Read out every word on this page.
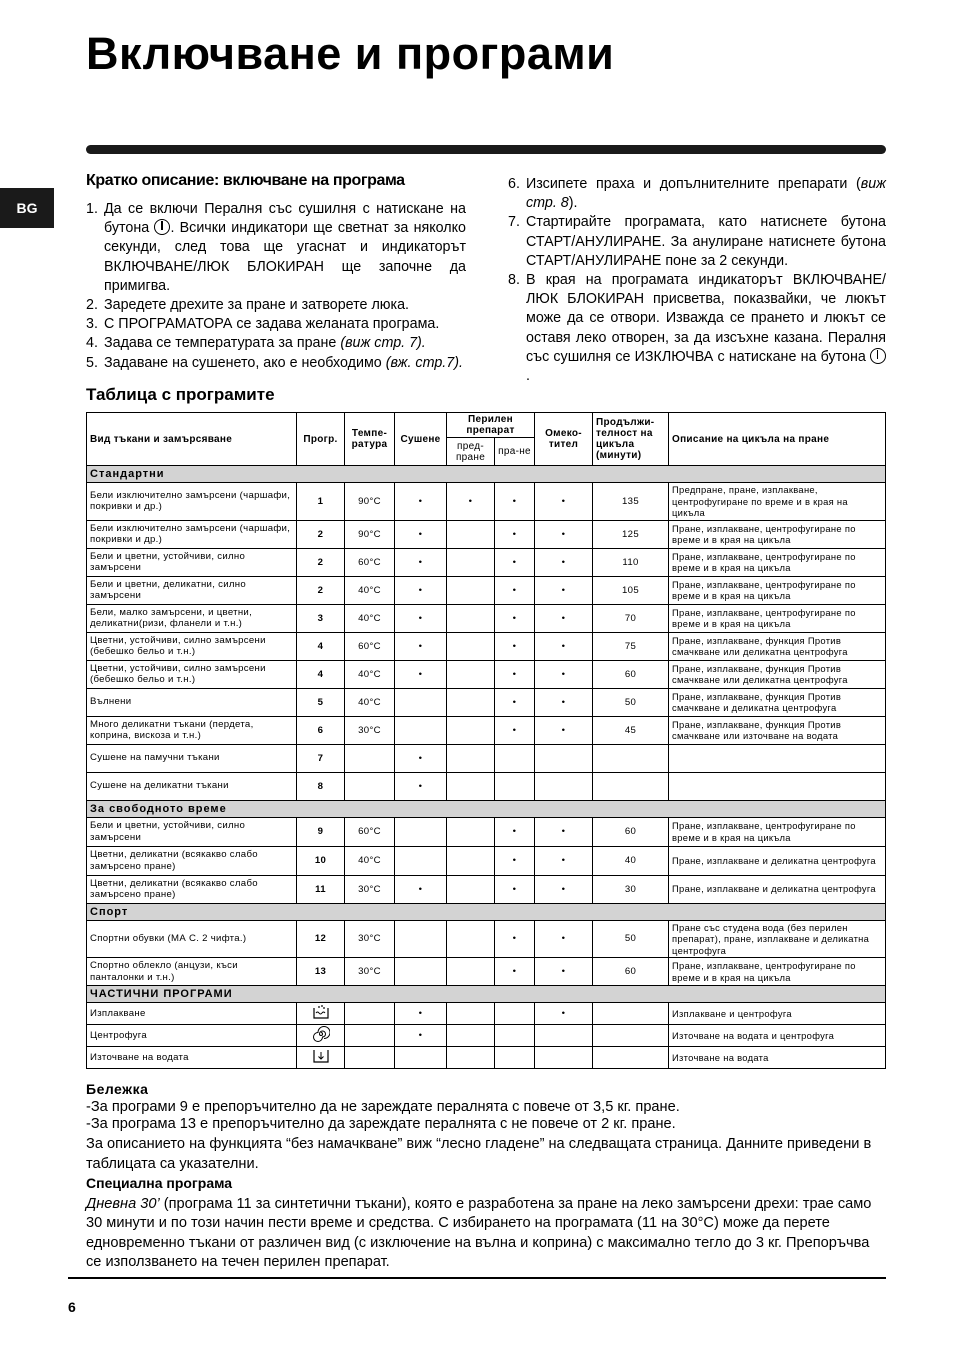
Включване и програми
BG
Кратко описание: включване на програма
1. Да се включи Пералня със сушилня с натискане на бутона . Всички индикатори ще светнат за няколко секунди, след това ще угаснат и индикаторът ВКЛЮЧВАНЕ/ЛЮК БЛОКИРАН ще започне да примигва.
2. Заредете дрехите за пране и затворете люка.
3. С ПРОГРАМАТОРА се задава желаната програма.
4. Задава се температурата за пране (виж стр. 7).
5. Задаване на сушенето, ако е необходимо (вж. стр.7).
6. Изсипете праха и допълнителните препарати (виж стр. 8).
7. Стартирайте програмата, като натиснете бутона СТАРТ/АНУЛИРАНЕ. За анулиране натиснете бутона СТАРТ/АНУЛИРАНЕ поне за 2 секунди.
8. В края на програмата индикаторът ВКЛЮЧВАНЕ/ ЛЮК БЛОКИРАН присветва, показвайки, че люкът може да се отвори. Изважда се прането и люкът се оставя леко отворен, за да изсъхне казана. Пералня със сушилня се ИЗКЛЮЧВА с натискане на бутона .
Таблица с програмите
Вид тъкани и замърсяване	Прогр.	Темпе-ратура	Сушене	Перилен препарат		Омеко-тител	Продължи-телност на цикъла (минути)	Описание на цикъла на пране
				пред-пране	пра-не			
Стандартни								
Бели изключително замърсени (чаршафи, покривки и др.)	1	90°С	•	•	•	•	135	Предпране, пране, изплакване, центрофугиране по време и в края на цикъла
Бели изключително замърсени (чаршафи, покривки и др.)	2	90°С	•		•	•	125	Пране, изплакване, центрофугиране по време и в края на цикъла
Бели и цветни, устойчиви, силно замърсени	2	60°С	•		•	•	110	Пране, изплакване, центрофугиране по време и в края на цикъла
Бели и цветни, деликатни, силно замърсени	2	40°С	•		•	•	105	Пране, изплакване, центрофугиране по време и в края на цикъла
Бели, малко замърсени, и цветни, деликатни(ризи, фланели и т.н.)	3	40°С	•		•	•	70	Пране, изплакване, центрофугиране по време и в края на цикъла
Цветни, устойчиви, силно замърсени (бебешко бельо и т.н.)	4	60°С	•		•	•	75	Пране, изплакване, функция Против смачкване или деликатна центрофуга
Цветни, устойчиви, силно замърсени (бебешко бельо и т.н.)	4	40°С	•		•	•	60	Пране, изплакване, функция Против смачкване или деликатна центрофуга
Вълнени	5	40°С			•	•	50	Пране, изплакване, функция Против смачкване и деликатна центрофуга
Много деликатни тъкани (пердета, коприна, вискоза и т.н.)	6	30°С			•	•	45	Пране, изплакване, функция Против смачкване или източване на водата
Сушене на памучни тъкани	7		•					
Сушене на деликатни тъкани	8		•					
За свободното време								
Бели и цветни, устойчиви, силно замърсени	9	60°С			•	•	60	Пране, изплакване, центрофугиране по време и в края на цикъла
Цветни, деликатни (всякакво слабо замърсено пране)	10	40°С			•	•	40	Пране, изплакване и деликатна центрофуга
Цветни, деликатни (всякакво слабо замърсено пране)	11	30°С	•		•	•	30	Пране, изплакване и деликатна центрофуга
Спорт								
Спортни обувки (МА С. 2 чифта.)	12	30°С			•	•	50	Пране със студена вода (без перилен препарат), пране, изплакване и деликатна центрофуга
Спортно облекло (анцузи, къси панталонки и т.н.)	13	30°С			•	•	60	Пране, изплакване, центрофугиране по време и в края на цикъла
ЧАСТИЧНИ ПРОГРАМИ								
Изплакване			•			•		Изплакване и центрофуга
Центрофуга			•					Източване на водата и центрофуга
Източване на водата								Източване на водата
Бележка
-За програми 9 е препоръчително да не зареждате пералнята с повече от 3,5 кг. пране.
-За програма 13 е препоръчително да зареждате пералнята с не повече от 2 кг. пране.
За описанието на функцията “без намачкване” виж “лесно гладене” на следващата страница. Данните приведени в таблицата са указателни.
Специална програма
Дневна 30’ (програма 11 за синтетични тъкани), която е разработена за пране на леко замърсени дрехи: трае само 30 минути и по този начин пести време и средства. С избирането на програмата (11 на 30°С) може да перете едновременно тъкани от различен вид (с изключение на вълна и коприна) с максимално тегло до 3 кг. Препоръчва се използването на течен перилен препарат.
6
